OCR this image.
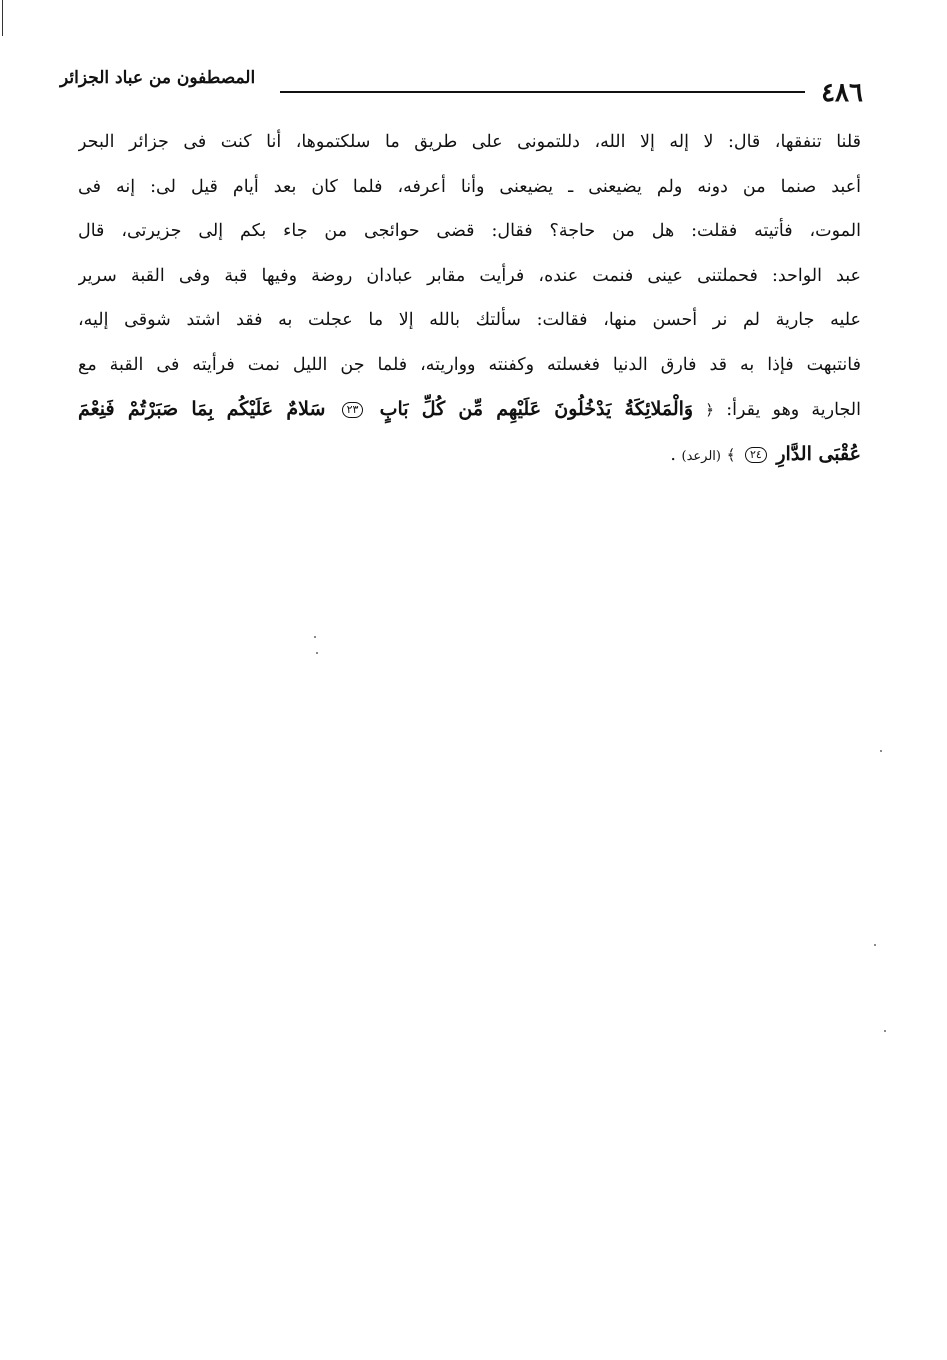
المصطفون من عباد الجزائر	٤٨٦
قلنا تنفقها، قال: لا إله إلا الله، دللتمونى على طريق ما سلكتموها، أنا كنت فى جزائر البحر
أعبد صنما من دونه ولم يضيعنى ـ يضيعنى وأنا أعرفه، فلما كان بعد أيام قيل لى: إنه فى
الموت، فأتيته فقلت: هل من حاجة؟ فقال: قضى حوائجى من جاء بكم إلى جزيرتى، قال
عبد الواحد: فحملتنى عينى فنمت عنده، فرأيت مقابر عبادان روضة وفيها قبة وفى القبة سرير
عليه جارية لم نر أحسن منها، فقالت: سألتك بالله إلا ما عجلت به فقد اشتد شوقى إليه،
فانتبهت فإذا به قد فارق الدنيا فغسلته وكفنته وواريته، فلما جن الليل نمت فرأيته فى القبة مع
الجارية وهو يقرأ: ﴿ وَالْمَلائِكَةُ يَدْخُلُونَ عَلَيْهِم مِّن كُلِّ بَابٍ ٢٣ سَلامٌ عَلَيْكُم بِمَا صَبَرْتُمْ فَنِعْمَ
عُقْبَى الدَّارِ ٢٤ ﴾ (الرعد) .
